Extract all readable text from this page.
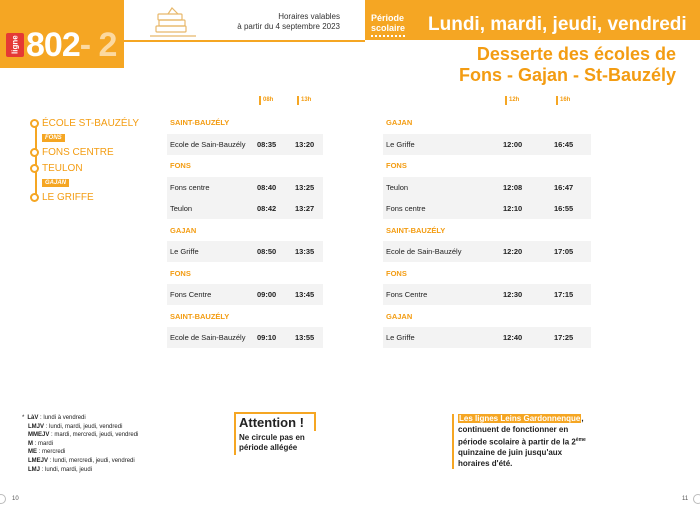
ligne 802- 2
Horaires valables
à partir du 4 septembre 2023
Période
scolaire Lundi, mardi, jeudi, vendredi
Desserte des écoles de
Fons - Gajan - St-Bauzély
ÉCOLE ST-BAUZÉLY
FONS
FONS CENTRE
TEULON
GAJAN
LE GRIFFE
08h	13h
SAINT-BAUZÉLY
Ecole de Sain-Bauzély 08:35	13:20
FONS
Fons centre	08:40	13:25
Teulon	08:42	13:27
GAJAN
Le Griffe	08:50	13:35
FONS
Fons Centre	09:00	13:45
SAINT-BAUZÉLY
Ecole de Sain-Bauzély 09:10	13:55
12h	16h
GAJAN
Le Griffe	12:00	16:45
FONS
Teulon	12:08	16:47
Fons centre	12:10	16:55
SAINT-BAUZÉLY
Ecole de Sain-Bauzély	12:20	17:05
FONS
Fons Centre	12:30	17:15
GAJAN
Le Griffe	12:40	17:25
* LàV : lundi à vendredi
LMJV : lundi, mardi, jeudi, vendredi
MMEJV : mardi, mercredi, jeudi, vendredi
M : mardi
ME : mercredi
LMEJV : lundi, mercredi, jeudi, vendredi
LMJ : lundi, mardi, jeudi
Attention !
Ne circule pas en période allégée
Les lignes Leins Gardonnenque, continuent de fonctionner en période scolaire à partir de la 2ème quinzaine de juin jusqu'aux horaires d'été.
10	11
